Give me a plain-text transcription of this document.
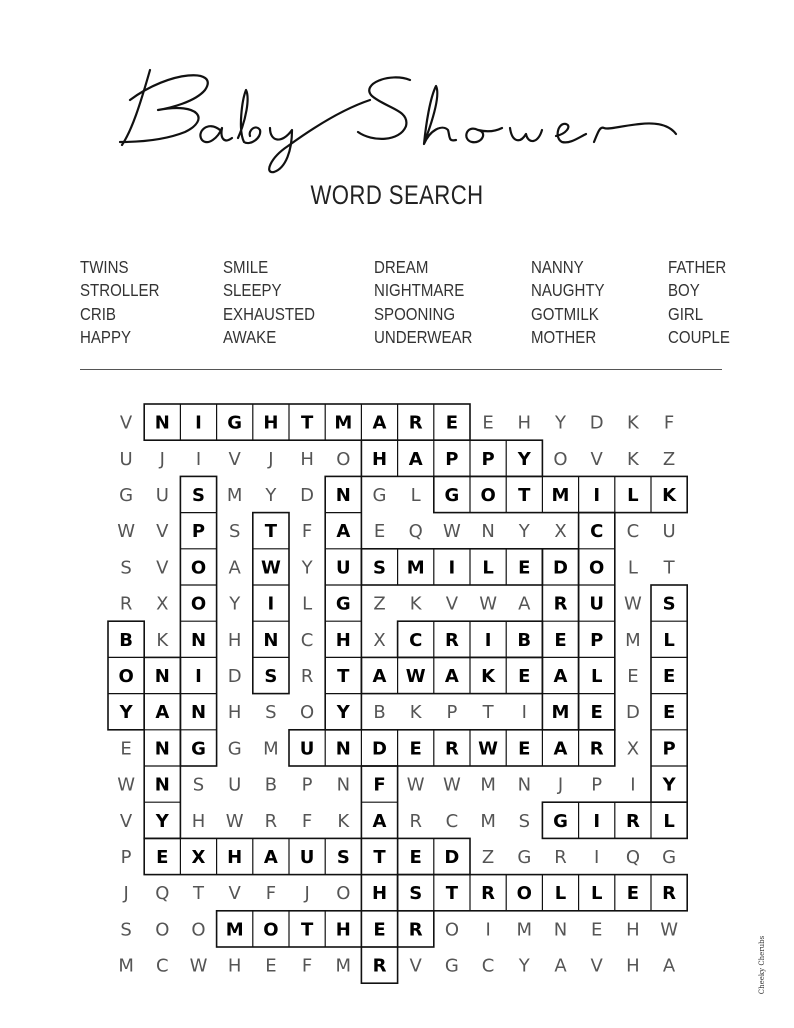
Baby Shower
WORD SEARCH
TWINS
STROLLER
CRIB
HAPPY
SMILE
SLEEPY
EXHAUSTED
AWAKE
DREAM
NIGHTMARE
SPOONING
UNDERWEAR
NANNY
NAUGHTY
GOTMILK
MOTHER
FATHER
BOY
GIRL
COUPLE
V N I G H T M A R E E H Y D K F
U J I V J H O H A P P Y O V K Z
G U S M Y D N G L G O T M I L K
W V P S T F A E Q W N Y X C C U
S V O A W Y U S M I L E D O L T
R X O Y I L G Z K V W A R U W S
B K N H N C H X C R I B E P M L
O N I D S R T A W A K E A L E E
Y A N H S O Y B K P T I M E D E
E N G G M U N D E R W E A R X P
W N S U B P N F W W M N J P I Y
V Y H W R F K A R C M S G I R L
P E X H A U S T E D Z G R I Q G
J Q T V F J O H S T R O L L E R
S O O M O T H E R O I M N E H W
M C W H E F M R V G C Y A V H A	Cheeky Cherubs
